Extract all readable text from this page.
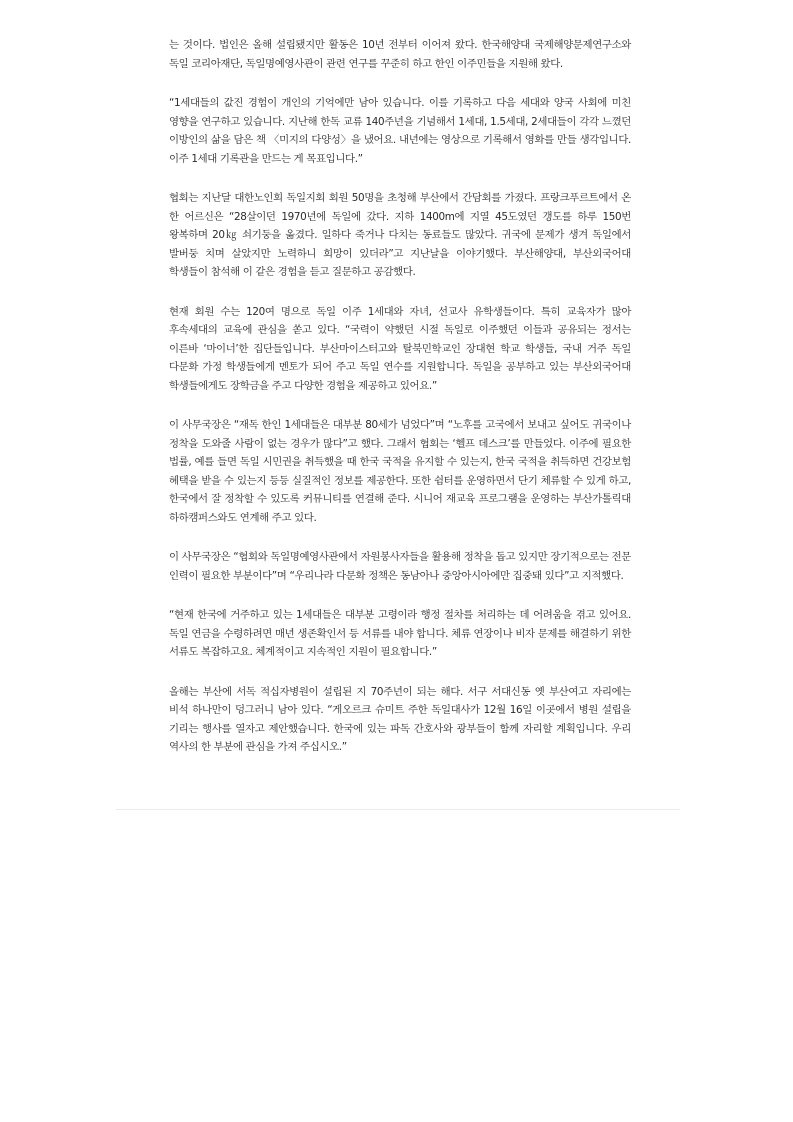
는 것이다. 법인은 올해 설립됐지만 활동은 10년 전부터 이어져 왔다. 한국해양대 국제해양문제연구소와 독일 코리아재단, 독일명예영사관이 관련 연구를 꾸준히 하고 한인 이주민들을 지원해 왔다.

“1세대들의 값진 경험이 개인의 기억에만 남아 있습니다. 이를 기록하고 다음 세대와 양국 사회에 미친 영향을 연구하고 있습니다. 지난해 한독 교류 140주년을 기념해서 1세대, 1.5세대, 2세대들이 각각 느꼈던 이방인의 삶을 담은 책 〈미지의 다양성〉을 냈어요. 내년에는 영상으로 기록해서 영화를 만들 생각입니다. 이주 1세대 기록관을 만드는 게 목표입니다.”

협회는 지난달 대한노인회 독일지회 회원 50명을 초청해 부산에서 간담회를 가졌다. 프랑크푸르트에서 온 한 어르신은 “28살이던 1970년에 독일에 갔다. 지하 1400m에 지열 45도였던 갱도를 하루 150번 왕복하며 20㎏ 쇠기둥을 옮겼다. 일하다 죽거나 다치는 동료들도 많았다. 귀국에 문제가 생겨 독일에서 발버둥 치며 살았지만 노력하니 희망이 있더라”고 지난날을 이야기했다. 부산해양대, 부산외국어대 학생들이 참석해 이 같은 경험을 듣고 질문하고 공감했다.

현재 회원 수는 120여 명으로 독일 이주 1세대와 자녀, 선교사 유학생들이다. 특히 교육자가 많아 후속세대의 교육에 관심을 쏟고 있다. “국력이 약했던 시절 독일로 이주했던 이들과 공유되는 정서는 이른바 ‘마이너’한 집단들입니다. 부산마이스터고와 탈북민학교인 장대현 학교 학생들, 국내 거주 독일 다문화 가정 학생들에게 멘토가 되어 주고 독일 연수를 지원합니다. 독일을 공부하고 있는 부산외국어대 학생들에게도 장학금을 주고 다양한 경험을 제공하고 있어요.”

이 사무국장은 “재독 한인 1세대들은 대부분 80세가 넘었다”며 “노후를 고국에서 보내고 싶어도 귀국이나 정착을 도와줄 사람이 없는 경우가 많다”고 했다. 그래서 협회는 ‘헬프 데스크’를 만들었다. 이주에 필요한 법률, 예를 들면 독일 시민권을 취득했을 때 한국 국적을 유지할 수 있는지, 한국 국적을 취득하면 건강보험 혜택을 받을 수 있는지 등등 실질적인 정보를 제공한다. 또한 쉼터를 운영하면서 단기 체류할 수 있게 하고, 한국에서 잘 정착할 수 있도록 커뮤니티를 연결해 준다. 시니어 재교육 프로그램을 운영하는 부산가톨릭대 하하캠퍼스와도 연계해 주고 있다.

이 사무국장은 “협회와 독일명예영사관에서 자원봉사자들을 활용해 정착을 돕고 있지만 장기적으로는 전문 인력이 필요한 부분이다”며 “우리나라 다문화 정책은 동남아나 중앙아시아에만 집중돼 있다”고 지적했다.

“현재 한국에 거주하고 있는 1세대들은 대부분 고령이라 행정 절차를 처리하는 데 어려움을 겪고 있어요. 독일 연금을 수령하려면 매년 생존확인서 등 서류를 내야 합니다. 체류 연장이나 비자 문제를 해결하기 위한 서류도 복잡하고요. 체계적이고 지속적인 지원이 필요합니다.”

올해는 부산에 서독 적십자병원이 설립된 지 70주년이 되는 해다. 서구 서대신동 옛 부산여고 자리에는 비석 하나만이 덩그러니 남아 있다. “게오르크 슈미트 주한 독일대사가 12월 16일 이곳에서 병원 설립을 기리는 행사를 열자고 제안했습니다. 한국에 있는 파독 간호사와 광부들이 함께 자리할 계획입니다. 우리 역사의 한 부분에 관심을 가져 주십시오.”
